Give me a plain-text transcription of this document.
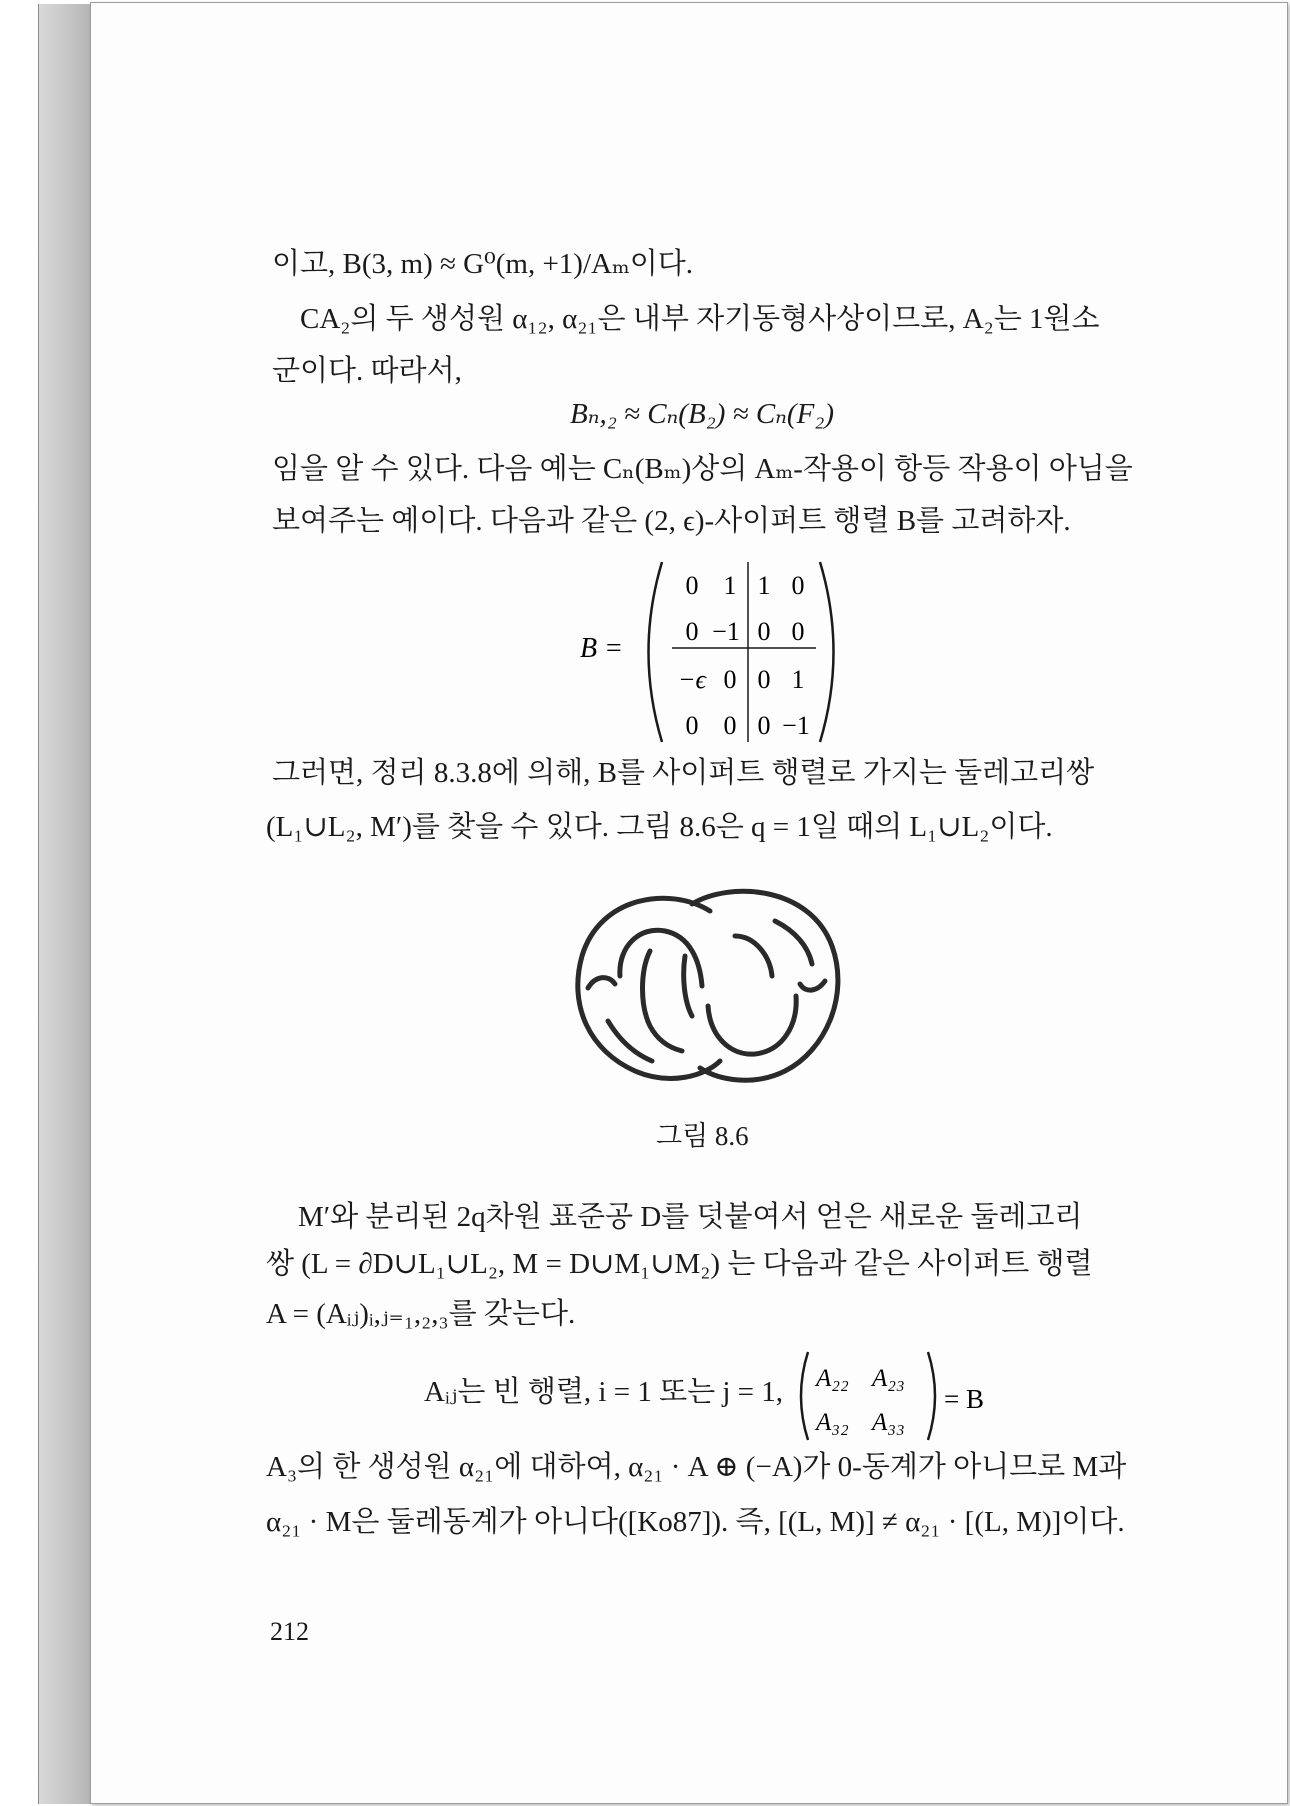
이고, B(3, m) ≈ G⁰(m, +1)/Aₘ이다.
CA₂의 두 생성원 α₁₂, α₂₁은 내부 자기동형사상이므로, A₂는 1원소
군이다. 따라서,
Bₙ,₂ ≈ Cₙ(B₂) ≈ Cₙ(F₂)
임을 알 수 있다. 다음 예는 Cₙ(Bₘ)상의 Aₘ-작용이 항등 작용이 아님을
보여주는 예이다. 다음과 같은 (2, ϵ)-사이퍼트 행렬 B를 고려하자.
B =
0 1 1 0
0 −1 0 0
−ϵ 0 0 1
0 0 0 −1
그러면, 정리 8.3.8에 의해, B를 사이퍼트 행렬로 가지는 둘레고리쌍
(L₁∪L₂, M′)를 찾을 수 있다. 그림 8.6은 q = 1일 때의 L₁∪L₂이다.
그림 8.6
M′와 분리된 2q차원 표준공 D를 덧붙여서 얻은 새로운 둘레고리
쌍 (L = ∂D∪L₁∪L₂, M = D∪M₁∪M₂) 는 다음과 같은 사이퍼트 행렬
A = (Aᵢⱼ)ᵢ,ⱼ₌₁,₂,₃를 갖는다.
Aᵢⱼ는 빈 행렬, i = 1 또는 j = 1, A₂₂ A₂₃
A₃₂ A₃₃
= B
A₃의 한 생성원 α₂₁에 대하여, α₂₁ · A ⊕ (−A)가 0-동계가 아니므로 M과
α₂₁ · M은 둘레동계가 아니다([Ko87]). 즉, [(L, M)] ≠ α₂₁ · [(L, M)]이다.
212
